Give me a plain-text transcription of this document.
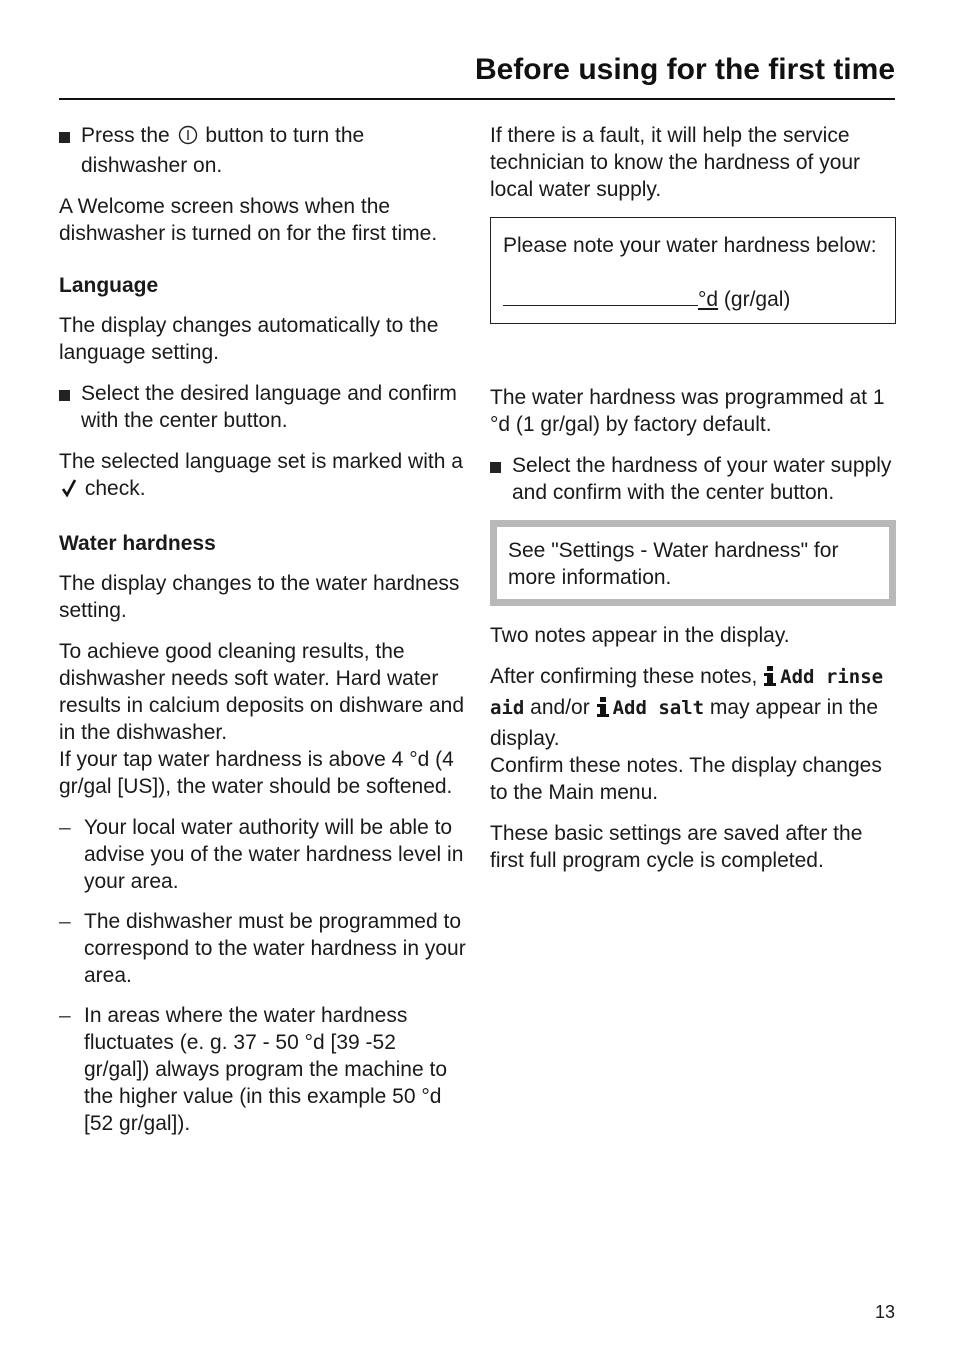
Before using for the first time
Press the button to turn the dishwasher on.

A Welcome screen shows when the dishwasher is turned on for the first time.

Language

The display changes automatically to the language setting.

Select the desired language and confirm with the center button.

The selected language set is marked with a  check.

Water hardness

The display changes to the water hardness setting.

To achieve good cleaning results, the dishwasher needs soft water. Hard water results in calcium deposits on dishware and in the dishwasher.
If your tap water hardness is above 4 °d (4 gr/gal [US]), the water should be softened.

– Your local water authority will be able to advise you of the water hardness level in your area.
– The dishwasher must be programmed to correspond to the water hardness in your area.
– In areas where the water hardness fluctuates (e. g. 37 - 50 °d [39 -52 gr/gal]) always program the machine to the higher value (in this example 50 °d [52 gr/gal]).

If there is a fault, it will help the service technician to know the hardness of your local water supply.

Please note your water hardness below:
°d (gr/gal)

The water hardness was programmed at 1 °d (1 gr/gal) by factory default.

Select the hardness of your water supply and confirm with the center button.
See "Settings - Water hardness" for more information.

Two notes appear in the display.

After confirming these notes, Add rinse aid and/or Add salt may appear in the display.
Confirm these notes. The display changes to the Main menu.

These basic settings are saved after the first full program cycle is completed.

13
